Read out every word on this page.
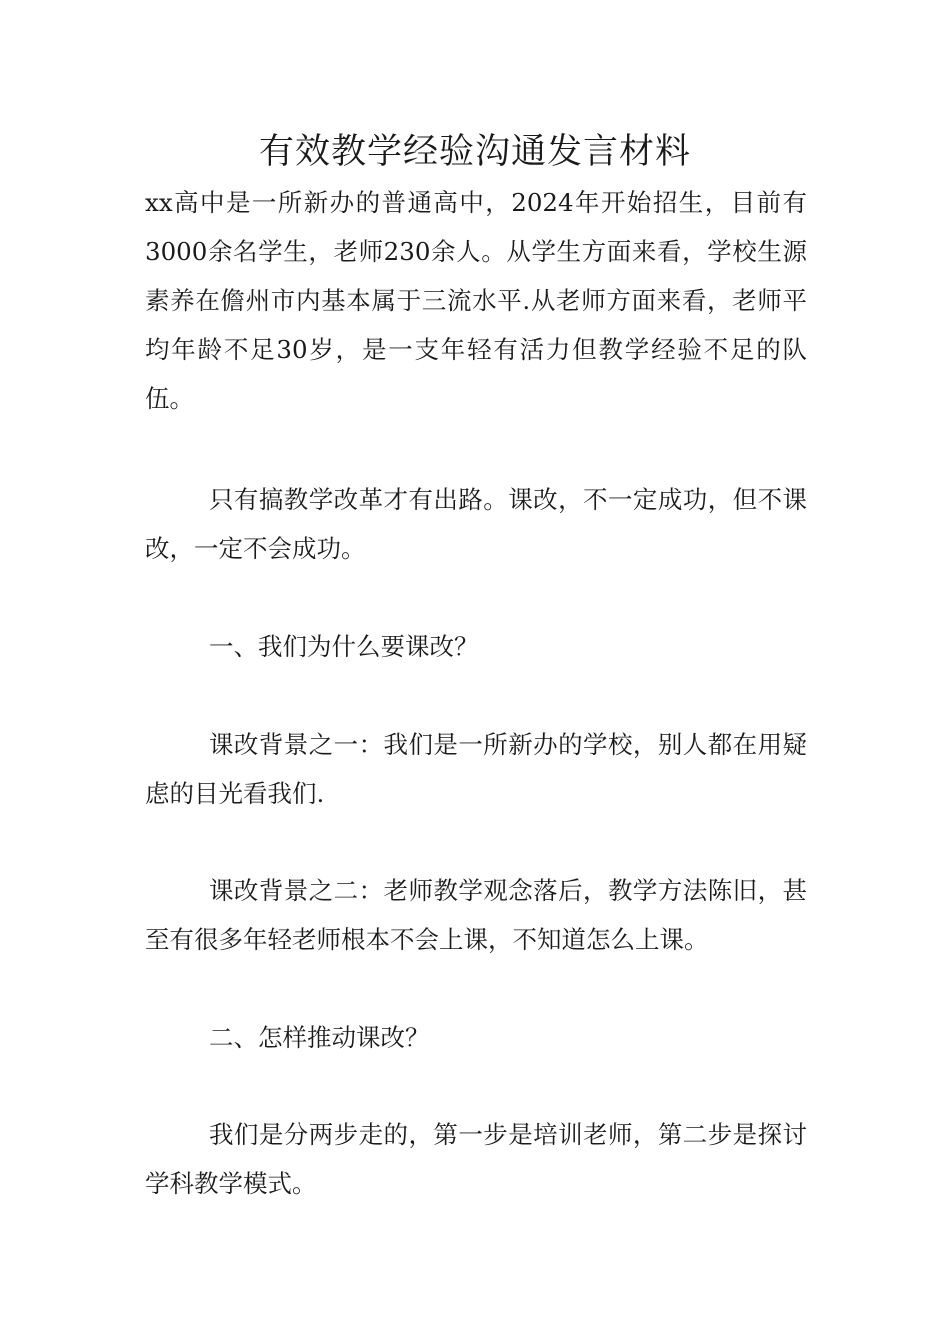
有效教学经验沟通发言材料

xx高中是一所新办的普通高中，2024年开始招生，目前有3000余名学生，老师230余人。从学生方面来看，学校生源素养在儋州市内基本属于三流水平.从老师方面来看，老师平均年龄不足30岁，是一支年轻有活力但教学经验不足的队伍。

只有搞教学改革才有出路。课改，不一定成功，但不课改，一定不会成功。

一、我们为什么要课改？

课改背景之一：我们是一所新办的学校，别人都在用疑虑的目光看我们.

课改背景之二：老师教学观念落后，教学方法陈旧，甚至有很多年轻老师根本不会上课，不知道怎么上课。

二、怎样推动课改？

我们是分两步走的，第一步是培训老师，第二步是探讨学科教学模式。
